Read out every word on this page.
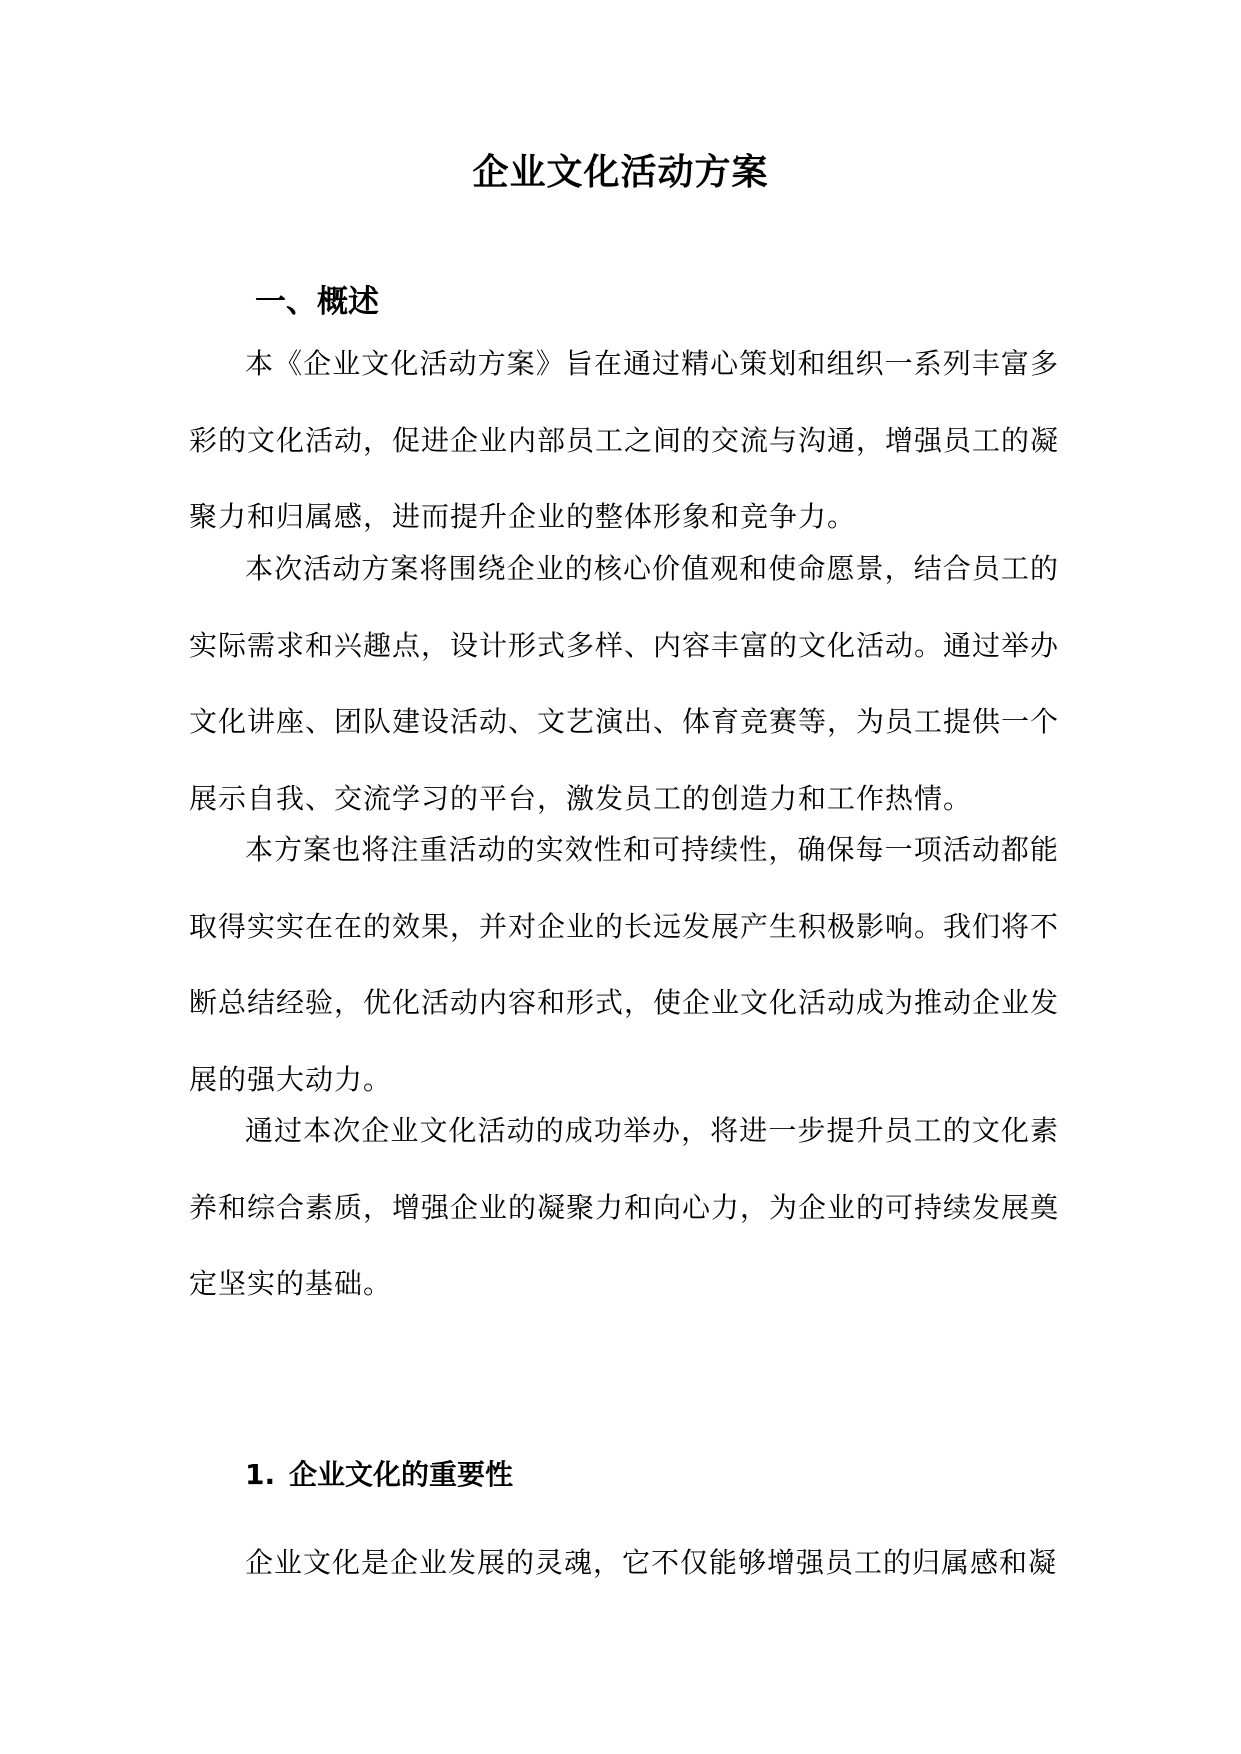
企业文化活动方案
一、概述

本《企业文化活动方案》旨在通过精心策划和组织一系列丰富多彩的文化活动，促进企业内部员工之间的交流与沟通，增强员工的凝聚力和归属感，进而提升企业的整体形象和竞争力。

本次活动方案将围绕企业的核心价值观和使命愿景，结合员工的实际需求和兴趣点，设计形式多样、内容丰富的文化活动。通过举办文化讲座、团队建设活动、文艺演出、体育竞赛等，为员工提供一个展示自我、交流学习的平台，激发员工的创造力和工作热情。

本方案也将注重活动的实效性和可持续性，确保每一项活动都能取得实实在在的效果，并对企业的长远发展产生积极影响。我们将不断总结经验，优化活动内容和形式，使企业文化活动成为推动企业发展的强大动力。

通过本次企业文化活动的成功举办，将进一步提升员工的文化素养和综合素质，增强企业的凝聚力和向心力，为企业的可持续发展奠定坚实的基础。

1. 企业文化的重要性

企业文化是企业发展的灵魂，它不仅能够增强员工的归属感和凝
